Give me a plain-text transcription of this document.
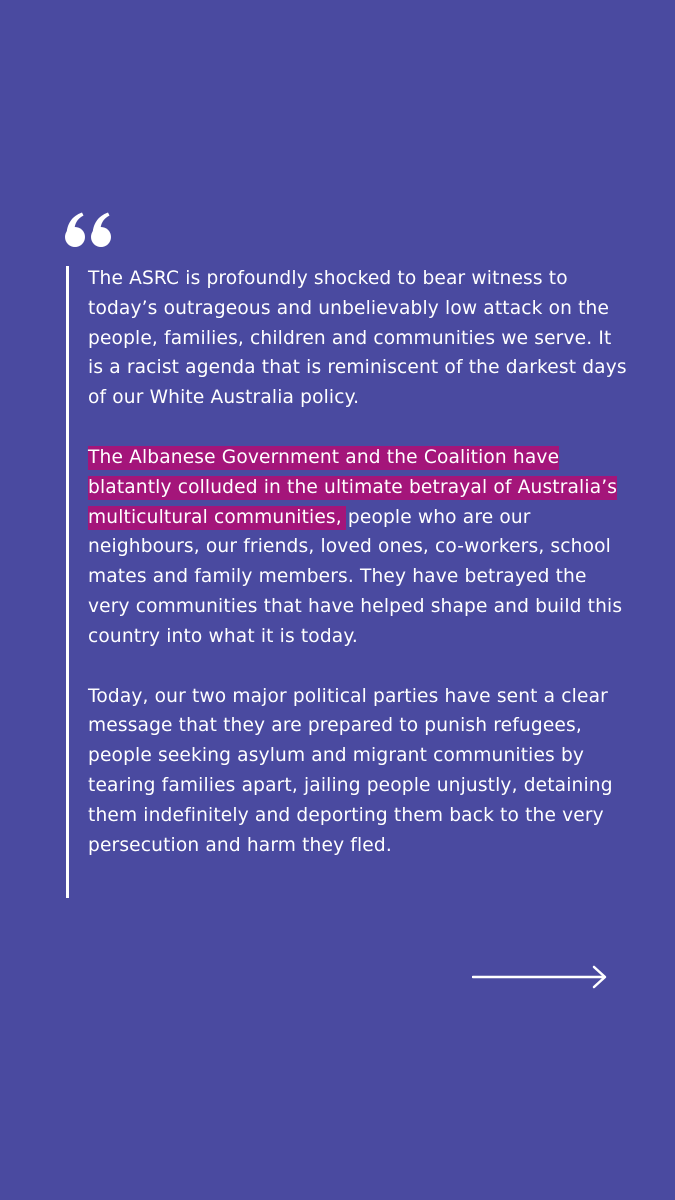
The ASRC is profoundly shocked to bear witness to today’s outrageous and unbelievably low attack on the people, families, children and communities we serve. It is a racist agenda that is reminiscent of the darkest days of our White Australia policy.

The Albanese Government and the Coalition have blatantly colluded in the ultimate betrayal of Australia’s multicultural communities, people who are our neighbours, our friends, loved ones, co-workers, school mates and family members. They have betrayed the very communities that have helped shape and build this country into what it is today.

Today, our two major political parties have sent a clear message that they are prepared to punish refugees, people seeking asylum and migrant communities by tearing families apart, jailing people unjustly, detaining them indefinitely and deporting them back to the very persecution and harm they fled.
